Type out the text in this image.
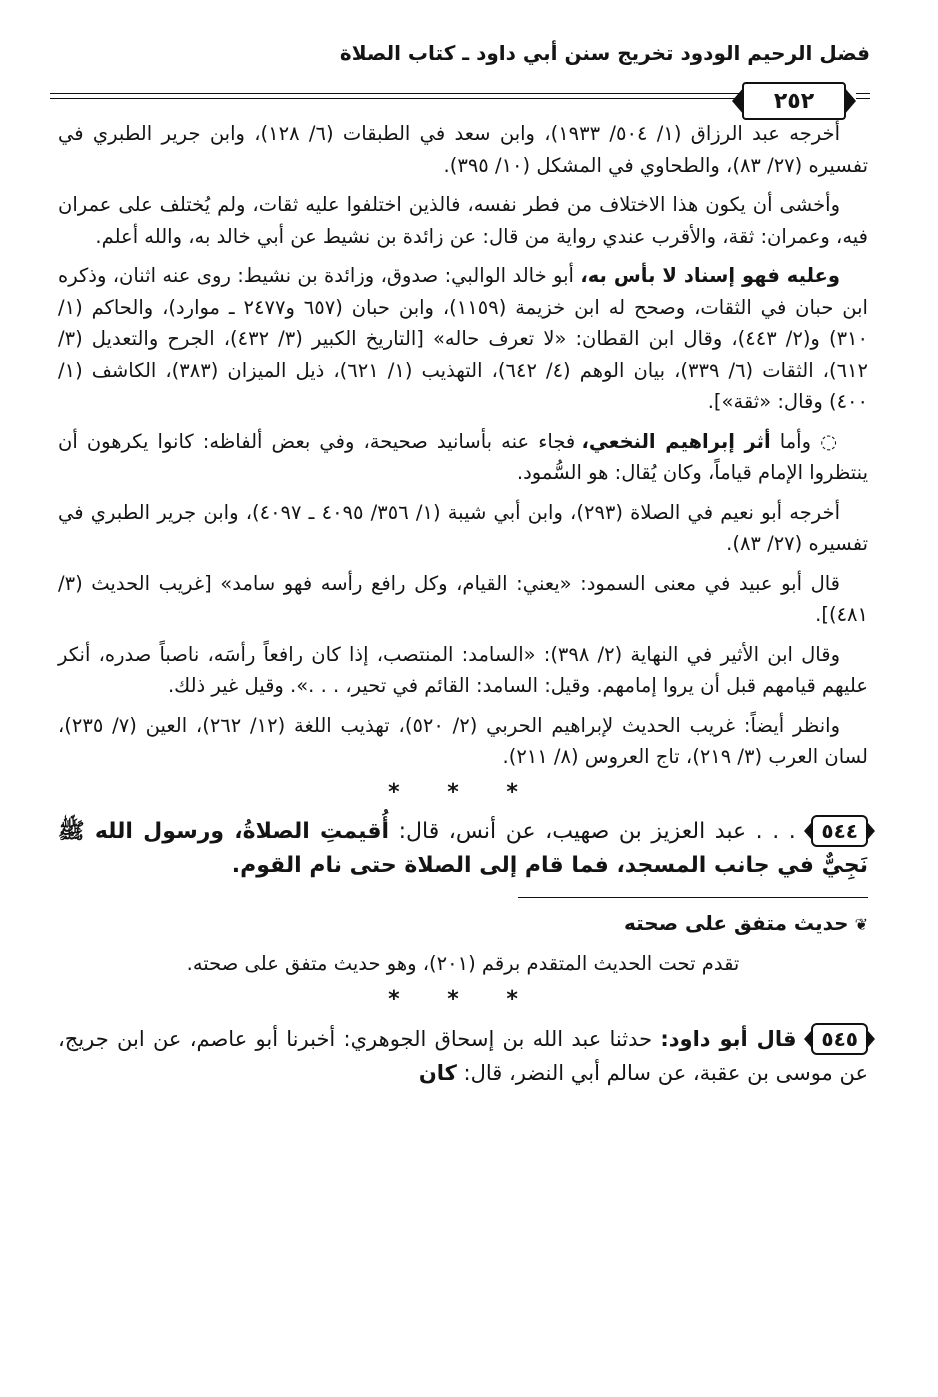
فضل الرحيم الودود تخريج سنن أبي داود ـ كتاب الصلاة
٢٥٢

أخرجه عبد الرزاق (١/ ٥٠٤/ ١٩٣٣)، وابن سعد في الطبقات (٦/ ١٢٨)، وابن جرير الطبري في تفسيره (٢٧/ ٨٣)، والطحاوي في المشكل (١٠/ ٣٩٥).

وأخشى أن يكون هذا الاختلاف من فطر نفسه، فالذين اختلفوا عليه ثقات، ولم يُختلف على عمران فيه، وعمران: ثقة، والأقرب عندي رواية من قال: عن زائدة بن نشيط عن أبي خالد به، والله أعلم.

وعليه فهو إسناد لا بأس به، أبو خالد الوالبي: صدوق، وزائدة بن نشيط: روى عنه اثنان، وذكره ابن حبان في الثقات، وصحح له ابن خزيمة (١١٥٩)، وابن حبان (٦٥٧ و٢٤٧٧ ـ موارد)، والحاكم (١/ ٣١٠) و(٢/ ٤٤٣)، وقال ابن القطان: «لا تعرف حاله» [التاريخ الكبير (٣/ ٤٣٢)، الجرح والتعديل (٣/ ٦١٢)، الثقات (٦/ ٣٣٩)، بيان الوهم (٤/ ٦٤٢)، التهذيب (١/ ٦٢١)، ذيل الميزان (٣٨٣)، الكاشف (١/ ٤٠٠) وقال: «ثقة»].

◌ وأما أثر إبراهيم النخعي، فجاء عنه بأسانيد صحيحة، وفي بعض ألفاظه: كانوا يكرهون أن ينتظروا الإمام قياماً، وكان يُقال: هو السُّمود.

أخرجه أبو نعيم في الصلاة (٢٩٣)، وابن أبي شيبة (١/ ٣٥٦/ ٤٠٩٥ ـ ٤٠٩٧)، وابن جرير الطبري في تفسيره (٢٧/ ٨٣).

قال أبو عبيد في معنى السمود: «يعني: القيام، وكل رافع رأسه فهو سامد» [غريب الحديث (٣/ ٤٨١)].

وقال ابن الأثير في النهاية (٢/ ٣٩٨): «السامد: المنتصب، إذا كان رافعاً رأسَه، ناصباً صدره، أنكر عليهم قيامهم قبل أن يروا إمامهم. وقيل: السامد: القائم في تحير، . . .». وقيل غير ذلك.

وانظر أيضاً: غريب الحديث لإبراهيم الحربي (٢/ ٥٢٠)، تهذيب اللغة (١٢/ ٢٦٢)، العين (٧/ ٢٣٥)، لسان العرب (٣/ ٢١٩)، تاج العروس (٨/ ٢١١).

* * *

٥٤٤ . . . عبد العزيز بن صهيب، عن أنس، قال: أُقيمتِ الصلاةُ، ورسول الله ﷺ نَجِيٌّ في جانب المسجد، فما قام إلى الصلاة حتى نام القوم.

❦حديث متفق على صحته

تقدم تحت الحديث المتقدم برقم (٢٠١)، وهو حديث متفق على صحته.

* * *

٥٤٥ قال أبو داود: حدثنا عبد الله بن إسحاق الجوهري: أخبرنا أبو عاصم، عن ابن جريج، عن موسى بن عقبة، عن سالم أبي النضر، قال: كان
